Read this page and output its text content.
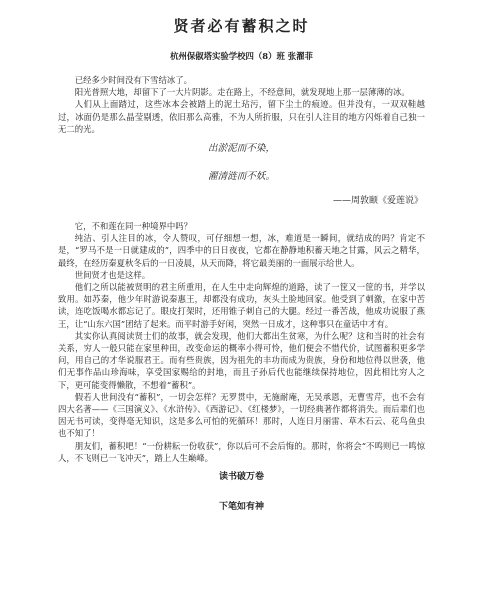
贤者必有蓄积之时
杭州保俶塔实验学校四（8）班 张濯菲

已经多少时间没有下雪结冰了。

阳光普照大地，却留下了一大片阴影。走在路上，不经意间，就发现地上那一层薄薄的冰。

人们从上面踏过，这些冰本会被踏上的泥土玷污，留下尘土的痕迹。但并没有，一双双鞋越过，冰面仍是那么晶莹剔透，依旧那么高雅，不为人所折服，只在引人注目的地方闪烁着自己独一无二的光。

出淤泥而不染，
濯清涟而不妖。
——周敦颐《爱莲说》

它，不和莲在同一种境界中吗？

纯洁、引人注目的冰，令人赞叹，可仔细想一想，冰，难道是一瞬间，就结成的吗？肯定不是，“罗马不是一日就建成的”，四季中的日日夜夜，它都在静静地积蓄天地之甘露，风云之精华，最终，在经历秦夏秋冬后的一日凌晨，从天而降，将它最美丽的一面展示给世人。

世间贤才也是这样。

他们之所以能被贤明的君主所重用，在人生中走向辉煌的道路，读了一筐又一筐的书，并学以致用。如苏秦，他少年时游说秦惠王，却都没有成功，灰头土脸地回家。他受到了刺激，在家中苦读，连吃饭喝水都忘记了。眼皮打架时，还用锥子刺自己的大腿。经过一番苦战，他成功说服了燕王，让“山东六国”团结了起来。而平时游手好闲，突然一日成才，这种事只在童话中才有。

其实你认真阅读贤士们的故事，就会发现，他们大都出生贫寒，为什么呢？这和当时的社会有关系，穷人一般只能在家里种田，改变命运的概率小得可怜，他们便会不惜代价，试图蓄积更多学问，用自己的才华说服君王。而有些贵族，因为祖先的丰功而成为贵族，身份和地位得以世袭，他们无事作品山珍海味，享受国家赐给的封地，而且子孙后代也能继续保持地位，因此相比穷人之下，更可能变得懒散，不想着“蓄积”。

假若人世间没有“蓄积”，一切会怎样？无罗贯中，无施耐庵，无吴承恩，无曹雪芹，也不会有四大名著——《三国演义》、《水浒传》、《西游记》、《红楼梦》，一切经典著作都将消失。而后辈们也因无书可读，变得毫无知识，这是多么可怕的死循环！那时，人连日月丽雷、草木石云、花鸟鱼虫也不知了！

朋友们，蓄积吧！“一份耕耘一份收获”，你以后可不会后悔的。那时，你将会“不鸣则已一鸣惊人，不飞则已一飞冲天”，踏上人生巅峰。

读书破万卷
下笔如有神
